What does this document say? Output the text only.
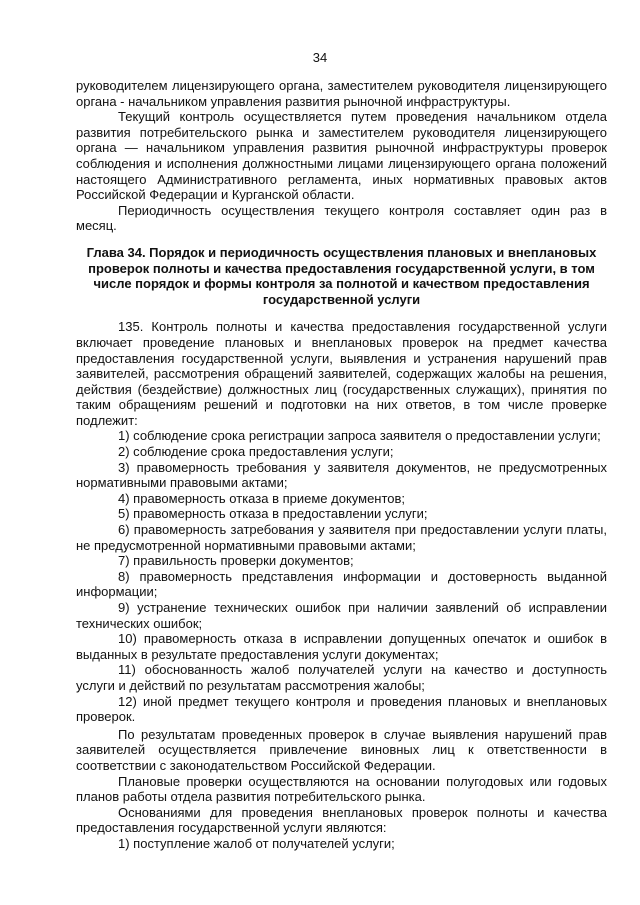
34

руководителем лицензирующего органа, заместителем руководителя лицензирующего органа - начальником управления развития рыночной инфраструктуры.

Текущий контроль осуществляется путем проведения начальником отдела развития потребительского рынка и заместителем руководителя лицензирующего органа — начальником управления развития рыночной инфраструктуры проверок соблюдения и исполнения должностными лицами лицензирующего органа положений настоящего Административного регламента, иных нормативных правовых актов Российской Федерации и Курганской области.

Периодичность осуществления текущего контроля составляет один раз в месяц.

Глава 34. Порядок и периодичность осуществления плановых и внеплановых проверок полноты и качества предоставления государственной услуги, в том числе порядок и формы контроля за полнотой и качеством предоставления государственной услуги

135. Контроль полноты и качества предоставления государственной услуги включает проведение плановых и внеплановых проверок на предмет качества предоставления государственной услуги, выявления и устранения нарушений прав заявителей, рассмотрения обращений заявителей, содержащих жалобы на решения, действия (бездействие) должностных лиц (государственных служащих), принятия по таким обращениям решений и подготовки на них ответов, в том числе проверке подлежит:

1) соблюдение срока регистрации запроса заявителя о предоставлении услуги;

2) соблюдение срока предоставления услуги;

3) правомерность требования у заявителя документов, не предусмотренных нормативными правовыми актами;

4) правомерность отказа в приеме документов;

5) правомерность отказа в предоставлении услуги;

6) правомерность затребования у заявителя при предоставлении услуги платы, не предусмотренной нормативными правовыми актами;

7) правильность проверки документов;

8) правомерность представления информации и достоверность выданной информации;

9) устранение технических ошибок при наличии заявлений об исправлении технических ошибок;

10) правомерность отказа в исправлении допущенных опечаток и ошибок в выданных в результате предоставления услуги документах;

11) обоснованность жалоб получателей услуги на качество и доступность услуги и действий по результатам рассмотрения жалобы;

12) иной предмет текущего контроля и проведения плановых и внеплановых проверок.

По результатам проведенных проверок в случае выявления нарушений прав заявителей осуществляется привлечение виновных лиц к ответственности в соответствии с законодательством Российской Федерации.

Плановые проверки осуществляются на основании полугодовых или годовых планов работы отдела развития потребительского рынка.

Основаниями для проведения внеплановых проверок полноты и качества предоставления государственной услуги являются:

1) поступление жалоб от получателей услуги;
